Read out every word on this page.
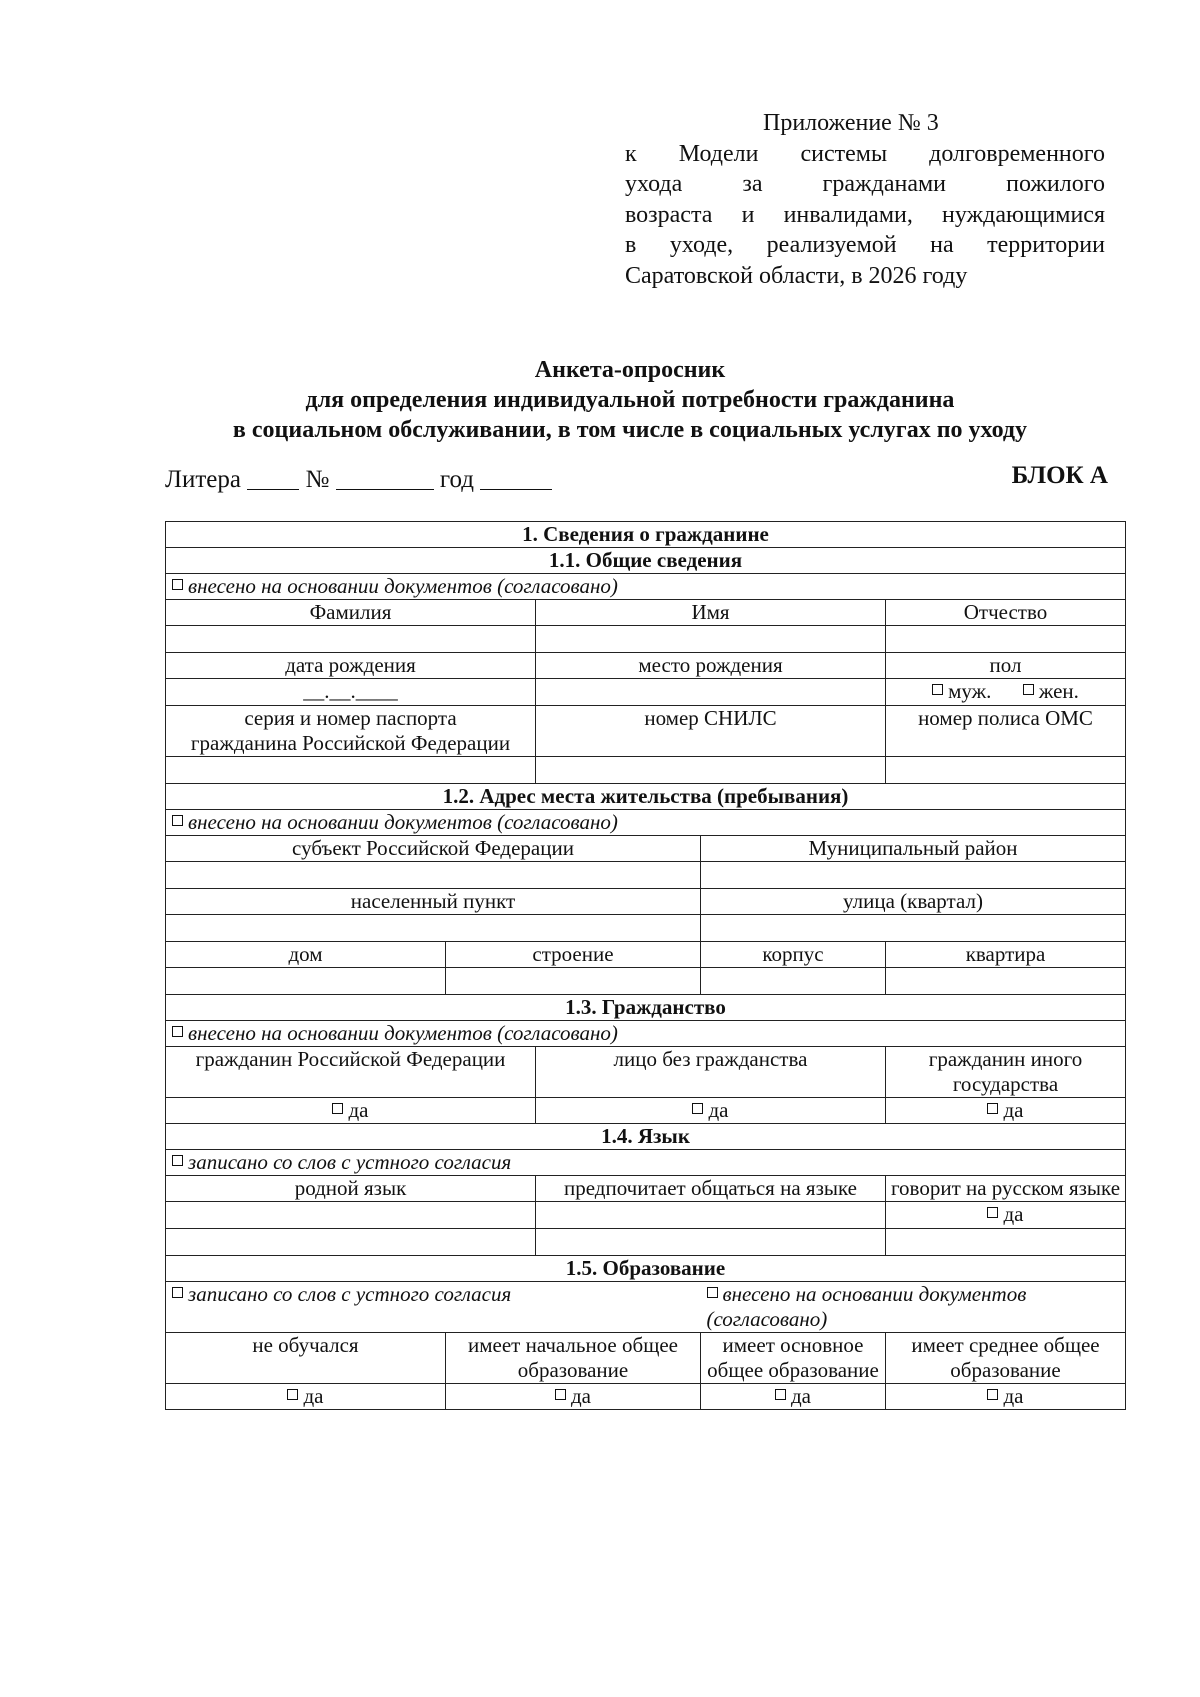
Приложение № 3
к Модели системы долговременного
ухода за гражданами пожилого
возраста и инвалидами, нуждающимися
в уходе, реализуемой на территории
Саратовской области, в 2026 году
Анкета-опросник
для определения индивидуальной потребности гражданина
в социальном обслуживании, в том числе в социальных услугах по уходу
Литера	№	год	БЛОК А
1. Сведения о гражданине				
1.1. Общие сведения				
внесено на основании документов (согласовано)				
Фамилия		Имя		Отчество

дата рождения		место рождения		пол
__.__.____				муж. жен.

серия и номер паспорта
гражданина Российской Федерации		номер СНИЛС		номер полиса ОМС

1.2. Адрес места жительства (пребывания)				
внесено на основании документов (согласовано)				
субъект Российской Федерации			Муниципальный район	

населенный пункт			улица (квартал)	

дом	строение		корпус	квартира

1.3. Гражданство				
внесено на основании документов (согласовано)				
гражданин Российской Федерации		лицо без гражданства		гражданин иного государства
да		да		да
1.4. Язык				
записано со слов с устного согласия				
родной язык		предпочитает общаться на языке		говорит на русском языке
				да

1.5. Образование				
записано со слов с устного согласия			внесено на основании документов (согласовано)	
не обучался	имеет начальное общее образование		имеет основное общее образование	имеет среднее общее образование
да	да		да	да
